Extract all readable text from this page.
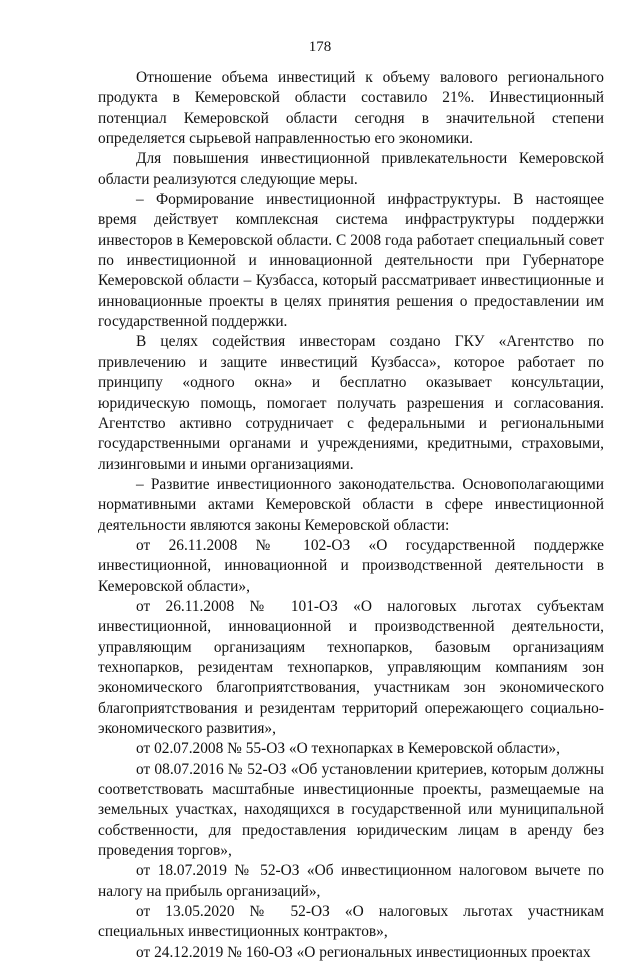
178

Отношение объема инвестиций к объему валового регионального продукта в Кемеровской области составило 21%. Инвестиционный потенциал Кемеровской области сегодня в значительной степени определяется сырьевой направленностью его экономики.

Для повышения инвестиционной привлекательности Кемеровской области реализуются следующие меры.

– Формирование инвестиционной инфраструктуры. В настоящее время действует комплексная система инфраструктуры поддержки инвесторов в Кемеровской области. С 2008 года работает специальный совет по инвестиционной и инновационной деятельности при Губернаторе Кемеровской области – Кузбасса, который рассматривает инвестиционные и инновационные проекты в целях принятия решения о предоставлении им государственной поддержки.

В целях содействия инвесторам создано ГКУ «Агентство по привлечению и защите инвестиций Кузбасса», которое работает по принципу «одного окна» и бесплатно оказывает консультации, юридическую помощь, помогает получать разрешения и согласования. Агентство активно сотрудничает с федеральными и региональными государственными органами и учреждениями, кредитными, страховыми, лизинговыми и иными организациями.

– Развитие инвестиционного законодательства. Основополагающими нормативными актами Кемеровской области в сфере инвестиционной деятельности являются законы Кемеровской области:

от 26.11.2008 № 102-ОЗ «О государственной поддержке инвестиционной, инновационной и производственной деятельности в Кемеровской области»,

от 26.11.2008 № 101-ОЗ «О налоговых льготах субъектам инвестиционной, инновационной и производственной деятельности, управляющим организациям технопарков, базовым организациям технопарков, резидентам технопарков, управляющим компаниям зон экономического благоприятствования, участникам зон экономического благоприятствования и резидентам территорий опережающего социально-экономического развития»,

от 02.07.2008 № 55-ОЗ «О технопарках в Кемеровской области»,

от 08.07.2016 № 52-ОЗ «Об установлении критериев, которым должны соответствовать масштабные инвестиционные проекты, размещаемые на земельных участках, находящихся в государственной или муниципальной собственности, для предоставления юридическим лицам в аренду без проведения торгов»,

от 18.07.2019 № 52-ОЗ «Об инвестиционном налоговом вычете по налогу на прибыль организаций»,

от 13.05.2020 № 52-ОЗ «О налоговых льготах участникам специальных инвестиционных контрактов»,

от 24.12.2019 № 160-ОЗ «О региональных инвестиционных проектах
